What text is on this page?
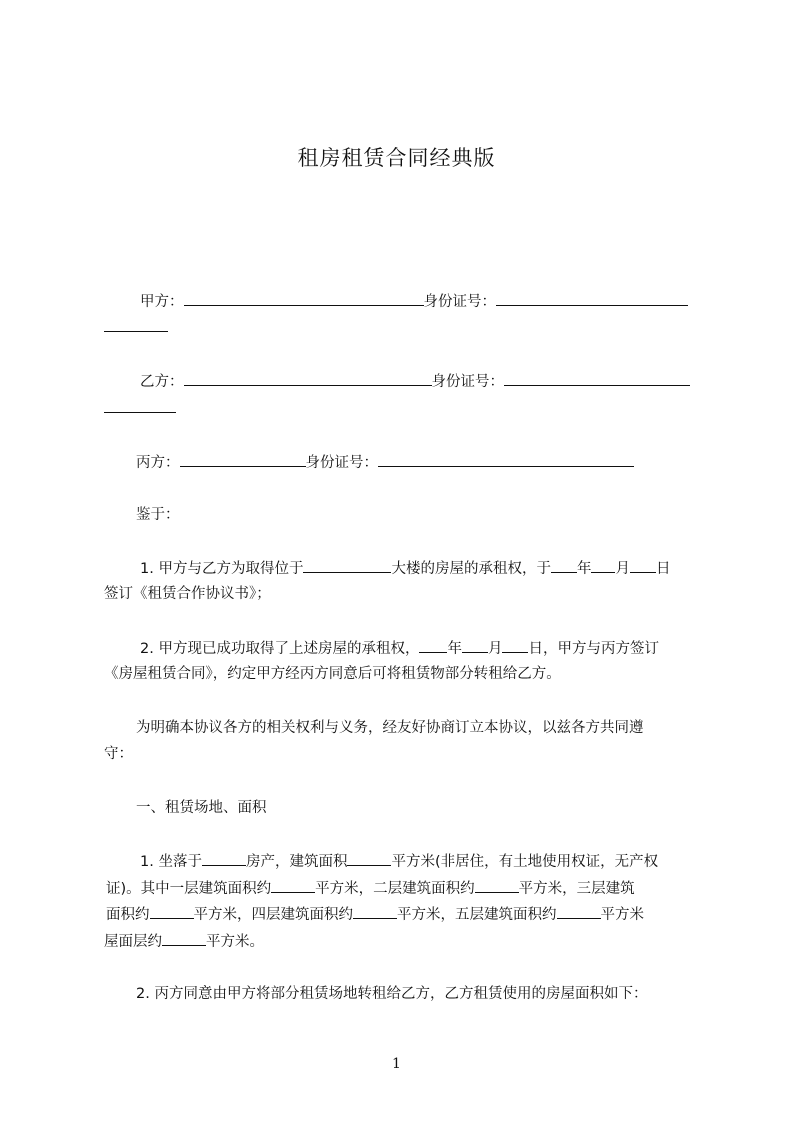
租房租赁合同经典版
甲方：	身份证号：
乙方：	身份证号：
丙方：	身份证号：
鉴于：
1. 甲方与乙方为取得位于	大楼的房屋的承租权，于 年 月 日
签订《租赁合作协议书》；
2. 甲方现已成功取得了上述房屋的承租权， 年 月 日，甲方与丙方签订
《房屋租赁合同》，约定甲方经丙方同意后可将租赁物部分转租给乙方。
为明确本协议各方的相关权利与义务，经友好协商订立本协议，以兹各方共同遵
守：
一、租赁场地、面积
1. 坐落于	房产，建筑面积	平方米(非居住，有土地使用权证，无产权
证)。其中一层建筑面积约	平方米，二层建筑面积约	平方米，三层建筑
面积约	平方米，四层建筑面积约	平方米，五层建筑面积约	平方米
屋面层约	平方米。
2. 丙方同意由甲方将部分租赁场地转租给乙方，乙方租赁使用的房屋面积如下：
1
